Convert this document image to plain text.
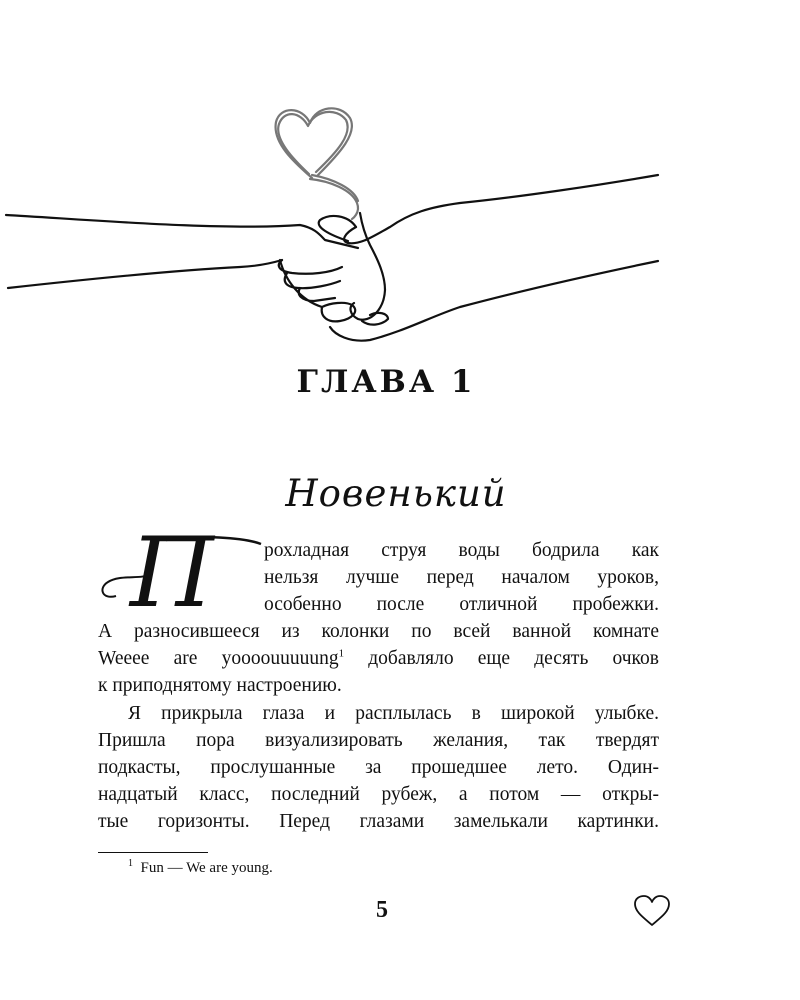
ГЛАВА 1
Новенький
П	рохладная струя воды бодрила как
нельзя лучше перед началом уроков,
особенно после отличной пробежки.
А разносившееся из колонки по всей ванной комнате
Weeee are yoooouuuuung$^1$ добавляло еще десять очков
к приподнятому настроению.
Я прикрыла глаза и расплылась в широкой улыбке.
Пришла пора визуализировать желания, так твердят
подкасты, прослушанные за прошедшее лето. Один-
надцатый класс, последний рубеж, а потом — откры-
тые горизонты. Перед глазами замелькали картинки.
$^1$ Fun — We are young.
5
